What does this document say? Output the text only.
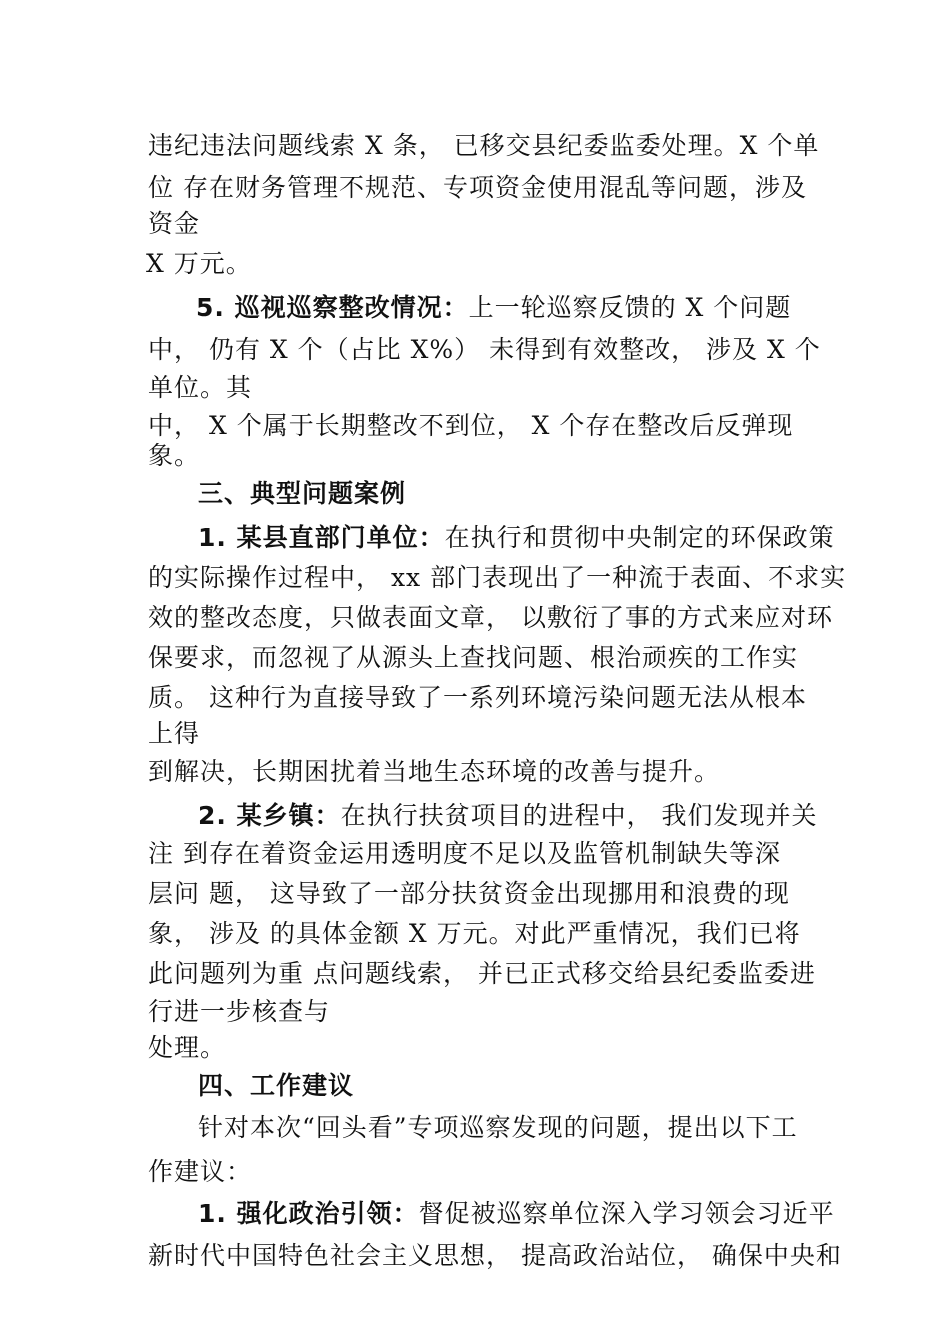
违纪违法问题线索 X 条， 已移交县纪委监委处理。X 个单
位 存在财务管理不规范、专项资金使用混乱等问题，涉及
资金
X 万元。
5. 巡视巡察整改情况：上一轮巡察反馈的 X 个问题
中， 仍有 X 个（占比 X%） 未得到有效整改， 涉及 X 个
单位。其
中， X 个属于长期整改不到位， X 个存在整改后反弹现
象。
三、典型问题案例
1. 某县直部门单位：在执行和贯彻中央制定的环保政策
的实际操作过程中， xx 部门表现出了一种流于表面、不求实
效的整改态度，只做表面文章， 以敷衍了事的方式来应对环
保要求，而忽视了从源头上查找问题、根治顽疾的工作实
质。 这种行为直接导致了一系列环境污染问题无法从根本
上得
到解决，长期困扰着当地生态环境的改善与提升。
2. 某乡镇：在执行扶贫项目的进程中， 我们发现并关
注 到存在着资金运用透明度不足以及监管机制缺失等深
层问 题， 这导致了一部分扶贫资金出现挪用和浪费的现
象， 涉及 的具体金额 X 万元。对此严重情况，我们已将
此问题列为重 点问题线索， 并已正式移交给县纪委监委进
行进一步核查与
处理。
四、工作建议
针对本次“回头看”专项巡察发现的问题，提出以下工
作建议：
1. 强化政治引领：督促被巡察单位深入学习领会习近平
新时代中国特色社会主义思想， 提高政治站位， 确保中央和
